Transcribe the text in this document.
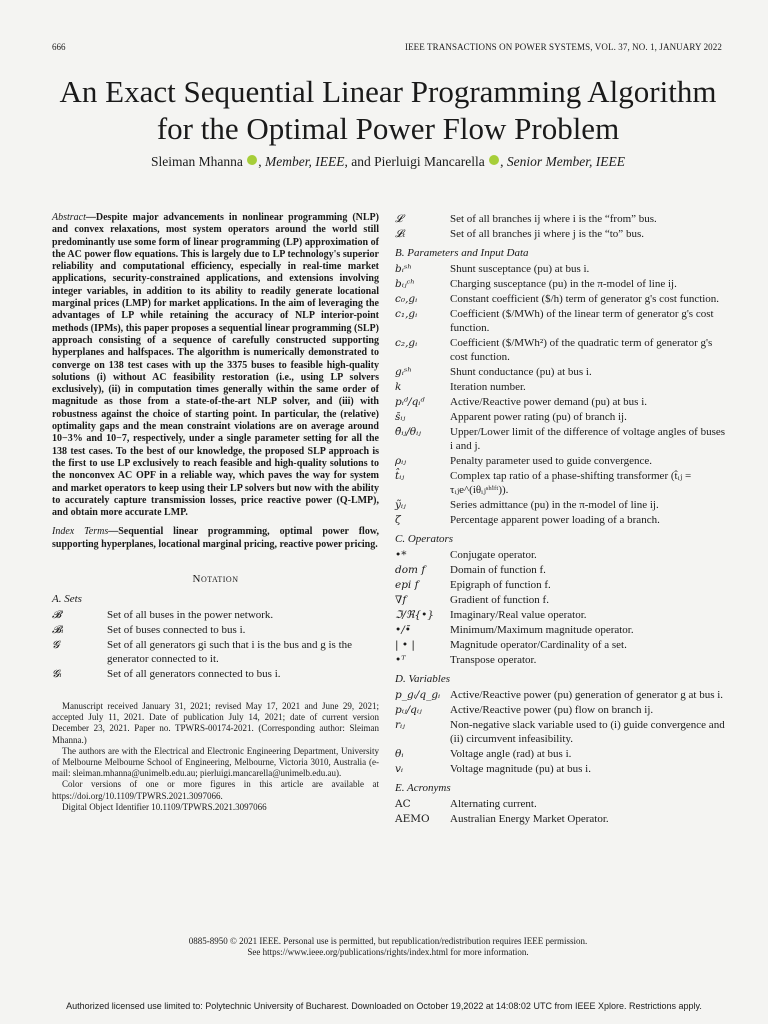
666	IEEE TRANSACTIONS ON POWER SYSTEMS, VOL. 37, NO. 1, JANUARY 2022
An Exact Sequential Linear Programming Algorithm
for the Optimal Power Flow Problem
Sleiman Mhanna , Member, IEEE, and Pierluigi Mancarella , Senior Member, IEEE
Abstract—Despite major advancements in nonlinear programming (NLP) and convex relaxations, most system operators around the world still predominantly use some form of linear programming (LP) approximation of the AC power flow equations. This is largely due to LP technology's superior reliability and computational efficiency, especially in real-time market applications, security-constrained applications, and extensions involving integer variables, in addition to its ability to readily generate locational marginal prices (LMP) for market applications. In the aim of leveraging the advantages of LP while retaining the accuracy of NLP interior-point methods (IPMs), this paper proposes a sequential linear programming (SLP) approach consisting of a sequence of carefully constructed supporting hyperplanes and halfspaces. The algorithm is numerically demonstrated to converge on 138 test cases with up the 3375 buses to feasible high-quality solutions (i) without AC feasibility restoration (i.e., using LP solvers exclusively), (ii) in computation times generally within the same order of magnitude as those from a state-of-the-art NLP solver, and (iii) with robustness against the choice of starting point. In particular, the (relative) optimality gaps and the mean constraint violations are on average around 10−3% and 10−7, respectively, under a single parameter setting for all the 138 test cases. To the best of our knowledge, the proposed SLP approach is the first to use LP exclusively to reach feasible and high-quality solutions to the nonconvex AC OPF in a reliable way, which paves the way for system and market operators to keep using their LP solvers but now with the ability to accurately capture transmission losses, price reactive power (Q-LMP), and obtain more accurate LMP.
Index Terms—Sequential linear programming, optimal power flow, supporting hyperplanes, locational marginal pricing, reactive power pricing.
Notation
A. Sets
𝓑	Set of all buses in the power network.
𝓑ᵢ	Set of buses connected to bus i.
𝓖	Set of all generators gi such that i is the bus and g is the generator connected to it.
𝓖ᵢ	Set of all generators connected to bus i.

Manuscript received January 31, 2021; revised May 17, 2021 and June 29, 2021; accepted July 11, 2021. Date of publication July 14, 2021; date of current version December 23, 2021. Paper no. TPWRS-00174-2021. (Corresponding author: Sleiman Mhanna.)

The authors are with the Electrical and Electronic Engineering Department, University of Melbourne Melbourne School of Engineering, Melbourne, Victoria 3010, Australia (e-mail: sleiman.mhanna@unimelb.edu.au; pierluigi.mancarella@unimelb.edu.au).

Color versions of one or more figures in this article are available at https://doi.org/10.1109/TPWRS.2021.3097066.

Digital Object Identifier 10.1109/TPWRS.2021.3097066

𝓛	Set of all branches ij where i is the “from” bus.
𝓛ₜ	Set of all branches ji where j is the “to” bus.
B. Parameters and Input Data
bᵢˢʰ	Shunt susceptance (pu) at bus i.
bᵢⱼᶜʰ	Charging susceptance (pu) in the π-model of line ij.
c₀,gᵢ	Constant coefficient ($/h) term of generator g's cost function.
c₁,gᵢ	Coefficient ($/MWh) of the linear term of generator g's cost function.
c₂,gᵢ	Coefficient ($/MWh²) of the quadratic term of generator g's cost function.
gᵢˢʰ	Shunt conductance (pu) at bus i.
k	Iteration number.
pᵢᵈ/qᵢᵈ	Active/Reactive power demand (pu) at bus i.
s̄ᵢⱼ	Apparent power rating (pu) of branch ij.
θ̄ᵢⱼ/θᵢⱼ	Upper/Lower limit of the difference of voltage angles of buses i and j.
ρᵢⱼ	Penalty parameter used to guide convergence.
t̂ᵢⱼ	Complex tap ratio of a phase-shifting transformer (t̂ᵢⱼ = τᵢⱼe^(iθᵢⱼˢʰⁱᶠᵗ)).
ỹᵢⱼ	Series admittance (pu) in the π-model of line ij.
ζ	Percentage apparent power loading of a branch.
C. Operators
•*	Conjugate operator.
dom f	Domain of function f.
epi f	Epigraph of function f.
∇f	Gradient of function f.
ℑ/ℜ{•}	Imaginary/Real value operator.
•/•̄	Minimum/Maximum magnitude operator.
| • |	Magnitude operator/Cardinality of a set.
•ᵀ	Transpose operator.
D. Variables
p_gᵢ/q_gᵢ Active/Reactive power (pu) generation of generator g at bus i.
pᵢⱼ/qᵢⱼ	Active/Reactive power (pu) flow on branch ij.
rᵢⱼ	Non-negative slack variable used to (i) guide convergence and (ii) circumvent infeasibility.
θᵢ	Voltage angle (rad) at bus i.
vᵢ	Voltage magnitude (pu) at bus i.
E. Acronyms
AC	Alternating current.
AEMO	Australian Energy Market Operator.
0885-8950 © 2021 IEEE. Personal use is permitted, but republication/redistribution requires IEEE permission.
See https://www.ieee.org/publications/rights/index.html for more information.
Authorized licensed use limited to: Polytechnic University of Bucharest. Downloaded on October 19,2022 at 14:08:02 UTC from IEEE Xplore. Restrictions apply.
